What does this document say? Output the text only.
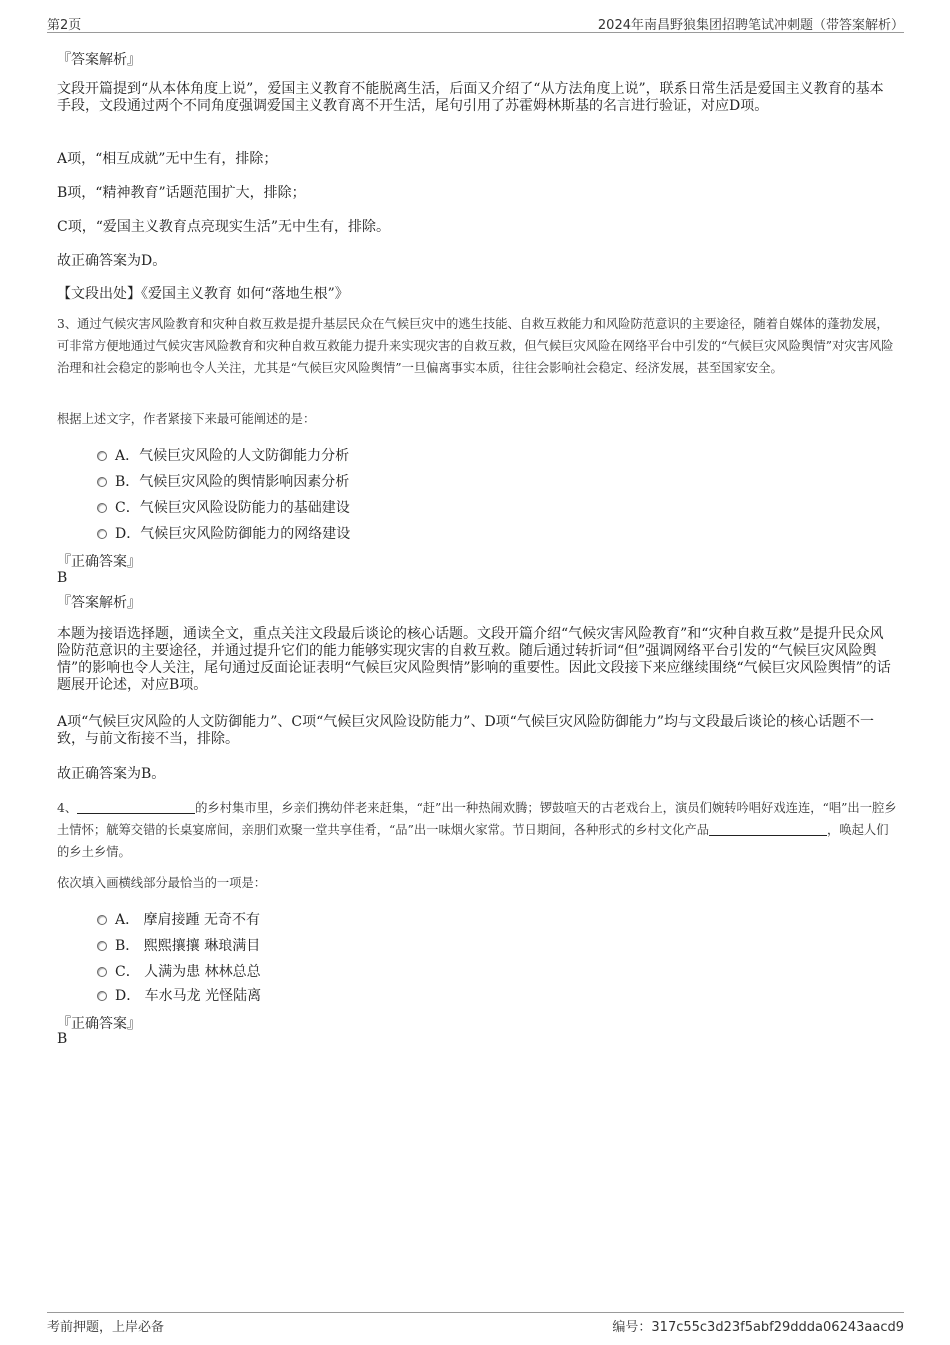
第2页	2024年南昌野狼集团招聘笔试冲刺题（带答案解析）
『答案解析』
文段开篇提到“从本体角度上说”，爱国主义教育不能脱离生活，后面又介绍了“从方法角度上说”，联系日常生活是爱国主义教育的基本手段，文段通过两个不同角度强调爱国主义教育离不开生活，尾句引用了苏霍姆林斯基的名言进行验证，对应D项。
A项，“相互成就”无中生有，排除；
B项，“精神教育”话题范围扩大，排除；
C项，“爱国主义教育点亮现实生活”无中生有，排除。
故正确答案为D。
【文段出处】《爱国主义教育 如何“落地生根”》
3、通过气候灾害风险教育和灾种自救互救是提升基层民众在气候巨灾中的逃生技能、自救互救能力和风险防范意识的主要途径，随着自媒体的蓬勃发展，可非常方便地通过气候灾害风险教育和灾种自救互救能力提升来实现灾害的自救互救，但气候巨灾风险在网络平台中引发的“气候巨灾风险舆情”对灾害风险治理和社会稳定的影响也令人关注，尤其是“气候巨灾风险舆情”一旦偏离事实本质，往往会影响社会稳定、经济发展，甚至国家安全。
根据上述文字，作者紧接下来最可能阐述的是：
A．气候巨灾风险的人文防御能力分析
B．气候巨灾风险的舆情影响因素分析
C．气候巨灾风险设防能力的基础建设
D．气候巨灾风险防御能力的网络建设
『正确答案』
B
『答案解析』
本题为接语选择题，通读全文，重点关注文段最后谈论的核心话题。文段开篇介绍“气候灾害风险教育”和“灾种自救互救”是提升民众风险防范意识的主要途径，并通过提升它们的能力能够实现灾害的自救互救。随后通过转折词“但”强调网络平台引发的“气候巨灾风险舆情”的影响也令人关注，尾句通过反面论证表明“气候巨灾风险舆情”影响的重要性。因此文段接下来应继续围绕“气候巨灾风险舆情”的话题展开论述，对应B项。
A项“气候巨灾风险的人文防御能力”、C项“气候巨灾风险设防能力”、D项“气候巨灾风险防御能力”均与文段最后谈论的核心话题不一致，与前文衔接不当，排除。
故正确答案为B。
4、	的乡村集市里，乡亲们携幼伴老来赶集，“赶”出一种热闹欢腾；锣鼓喧天的古老戏台上，演员们婉转吟唱好戏连连，“唱”出一腔乡土情怀；觥筹交错的长桌宴席间，亲朋们欢聚一堂共享佳肴，“品”出一味烟火家常。节日期间，各种形式的乡村文化产品	，唤起人们的乡土乡情。
依次填入画横线部分最恰当的一项是：
A． 摩肩接踵 无奇不有
B． 熙熙攘攘 琳琅满目
C． 人满为患 林林总总
D． 车水马龙 光怪陆离
『正确答案』
B
考前押题，上岸必备	编号：317c55c3d23f5abf29ddda06243aacd9
